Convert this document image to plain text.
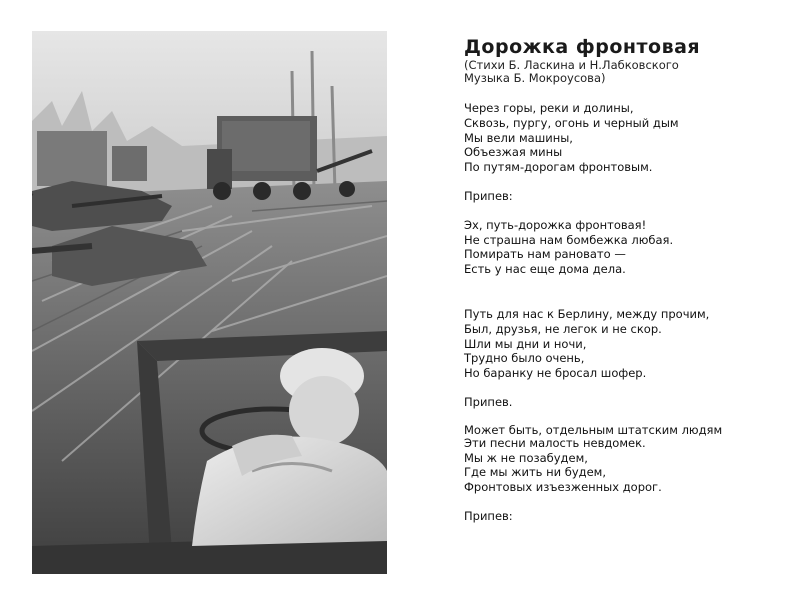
Дорожка фронтовая
(Стихи Б. Ласкина и Н.Лабковского
Музыка Б. Мокроусова)
Через горы, реки и долины,
Сквозь, пургу, огонь и черный дым
Мы вели машины,
Объезжая мины
По путям-дорогам фронтовым.

Припев:

Эх, путь-дорожка фронтовая!
Не страшна нам бомбежка любая.
Помирать нам рановато —
Есть у нас еще дома дела.
Путь для нас к Берлину, между прочим,
Был, друзья, не легок и не скор.
Шли мы дни и ночи,
Трудно было очень,
Но баранку не бросал шофер.

Припев.

Может быть, отдельным штатским людям
Эти песни малость невдомек.
Мы ж не позабудем,
Где мы жить ни будем,
Фронтовых изъезженных дорог.

Припев:
